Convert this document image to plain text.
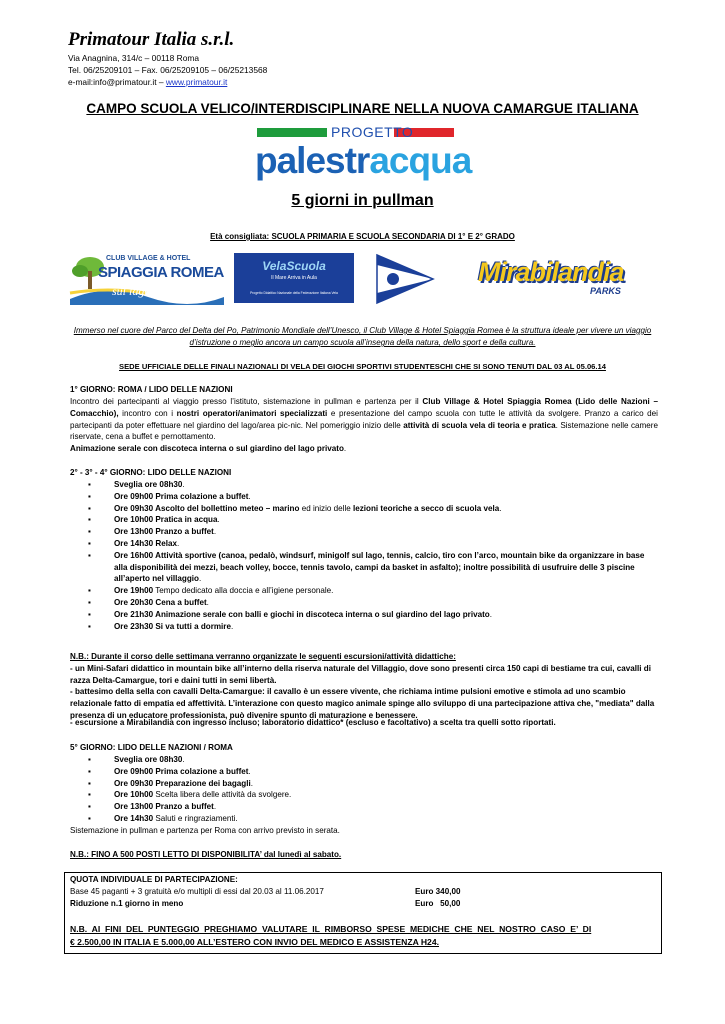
Primatour Italia s.r.l.
Via Anagnina, 314/c – 00118 Roma
Tel. 06/25209101 – Fax. 06/25209105 – 06/25213568
e-mail:info@primatour.it – www.primatour.it
CAMPO SCUOLA VELICO/INTERDISCIPLINARE NELLA NUOVA CAMARGUE ITALIANA
PROGETTO
palestracqua
5 giorni in pullman
Età consigliata: SCUOLA PRIMARIA E SCUOLA SECONDARIA DI 1° E 2° GRADO
CLUB VILLAGE & HOTEL
SPIAGGIA ROMEA
sul lago e sul mare
VelaScuola
Il Mare Arriva in Aula
Progetto Didattico Nazionale della Federazione Italiana Vela
Mirabilandia
PARKS
Immerso nel cuore del Parco del Delta del Po, Patrimonio Mondiale dell’Unesco, il Club Village & Hotel Spiaggia Romea è la struttura ideale per vivere un viaggio d’istruzione o meglio ancora un campo scuola all’insegna della natura, dello sport e della cultura.
SEDE UFFICIALE DELLE FINALI NAZIONALI DI VELA DEI GIOCHI SPORTIVI STUDENTESCHI CHE SI SONO TENUTI DAL 03 AL 05.06.14
1° GIORNO: ROMA / LIDO DELLE NAZIONI
Incontro dei partecipanti al viaggio presso l’istituto, sistemazione in pullman e partenza per il Club Village & Hotel Spiaggia Romea (Lido delle Nazioni – Comacchio), incontro con i nostri operatori/animatori specializzati e presentazione del campo scuola con tutte le attività da svolgere. Pranzo a carico dei partecipanti da poter effettuare nel giardino del lago/area pic-nic. Nel pomeriggio inizio delle attività di scuola vela di teoria e pratica. Sistemazione nelle camere riservate, cena a buffet e pernottamento.
Animazione serale con discoteca interna o sul giardino del lago privato.
2° - 3° - 4° GIORNO: LIDO DELLE NAZIONI
▪ Sveglia ore 08h30.
▪ Ore 09h00 Prima colazione a buffet.
▪ Ore 09h30 Ascolto del bollettino meteo – marino ed inizio delle lezioni teoriche a secco di scuola vela.
▪ Ore 10h00 Pratica in acqua.
▪ Ore 13h00 Pranzo a buffet.
▪ Ore 14h30 Relax.
▪ Ore 16h00 Attività sportive (canoa, pedalò, windsurf, minigolf sul lago, tennis, calcio, tiro con l’arco, mountain bike da organizzare in base alla disponibilità dei mezzi, beach volley, bocce, tennis tavolo, campi da basket in asfalto); inoltre possibilità di usufruire delle 3 piscine all’aperto nel villaggio.
▪ Ore 19h00 Tempo dedicato alla doccia e all’igiene personale.
▪ Ore 20h30 Cena a buffet.
▪ Ore 21h30 Animazione serale con balli e giochi in discoteca interna o sul giardino del lago privato.
▪ Ore 23h30 Si va tutti a dormire.
N.B.: Durante il corso delle settimana verranno organizzate le seguenti escursioni/attività didattiche:
- un Mini-Safari didattico in mountain bike all’interno della riserva naturale del Villaggio, dove sono presenti circa 150 capi di bestiame tra cui, cavalli di razza Delta-Camargue, tori e daini tutti in semi libertà.
- battesimo della sella con cavalli Delta-Camargue: il cavallo è un essere vivente, che richiama intime pulsioni emotive e stimola ad uno scambio relazionale fatto di empatia ed affettività. L’interazione con questo magico animale spinge allo sviluppo di una partecipazione attiva che, "mediata" dalla presenza di un educatore professionista, può divenire spunto di maturazione e benessere.
- escursione a Mirabilandia con ingresso incluso; laboratorio didattico* (escluso e facoltativo) a scelta tra quelli sotto riportati.
5° GIORNO: LIDO DELLE NAZIONI / ROMA
▪ Sveglia ore 08h30.
▪ Ore 09h00 Prima colazione a buffet.
▪ Ore 09h30 Preparazione dei bagagli.
▪ Ore 10h00 Scelta libera delle attività da svolgere.
▪ Ore 13h00 Pranzo a buffet.
▪ Ore 14h30 Saluti e ringraziamenti.
Sistemazione in pullman e partenza per Roma con arrivo previsto in serata.
N.B.: FINO A 500 POSTI LETTO DI DISPONIBILITA’ dal lunedì al sabato.
QUOTA INDIVIDUALE DI PARTECIPAZIONE:
Base 45 paganti + 3 gratuità e/o multipli di essi dal 20.03 al 11.06.2017	Euro 340,00
Riduzione n.1 giorno in meno	Euro   50,00
N.B.  AI  FINI  DEL  PUNTEGGIO  PREGHIAMO  VALUTARE  IL  RIMBORSO  SPESE  MEDICHE  CHE  NEL  NOSTRO  CASO  E’  DI
€ 2.500,00 IN ITALIA E 5.000,00 ALL’ESTERO CON INVIO DEL MEDICO E ASSISTENZA H24.
